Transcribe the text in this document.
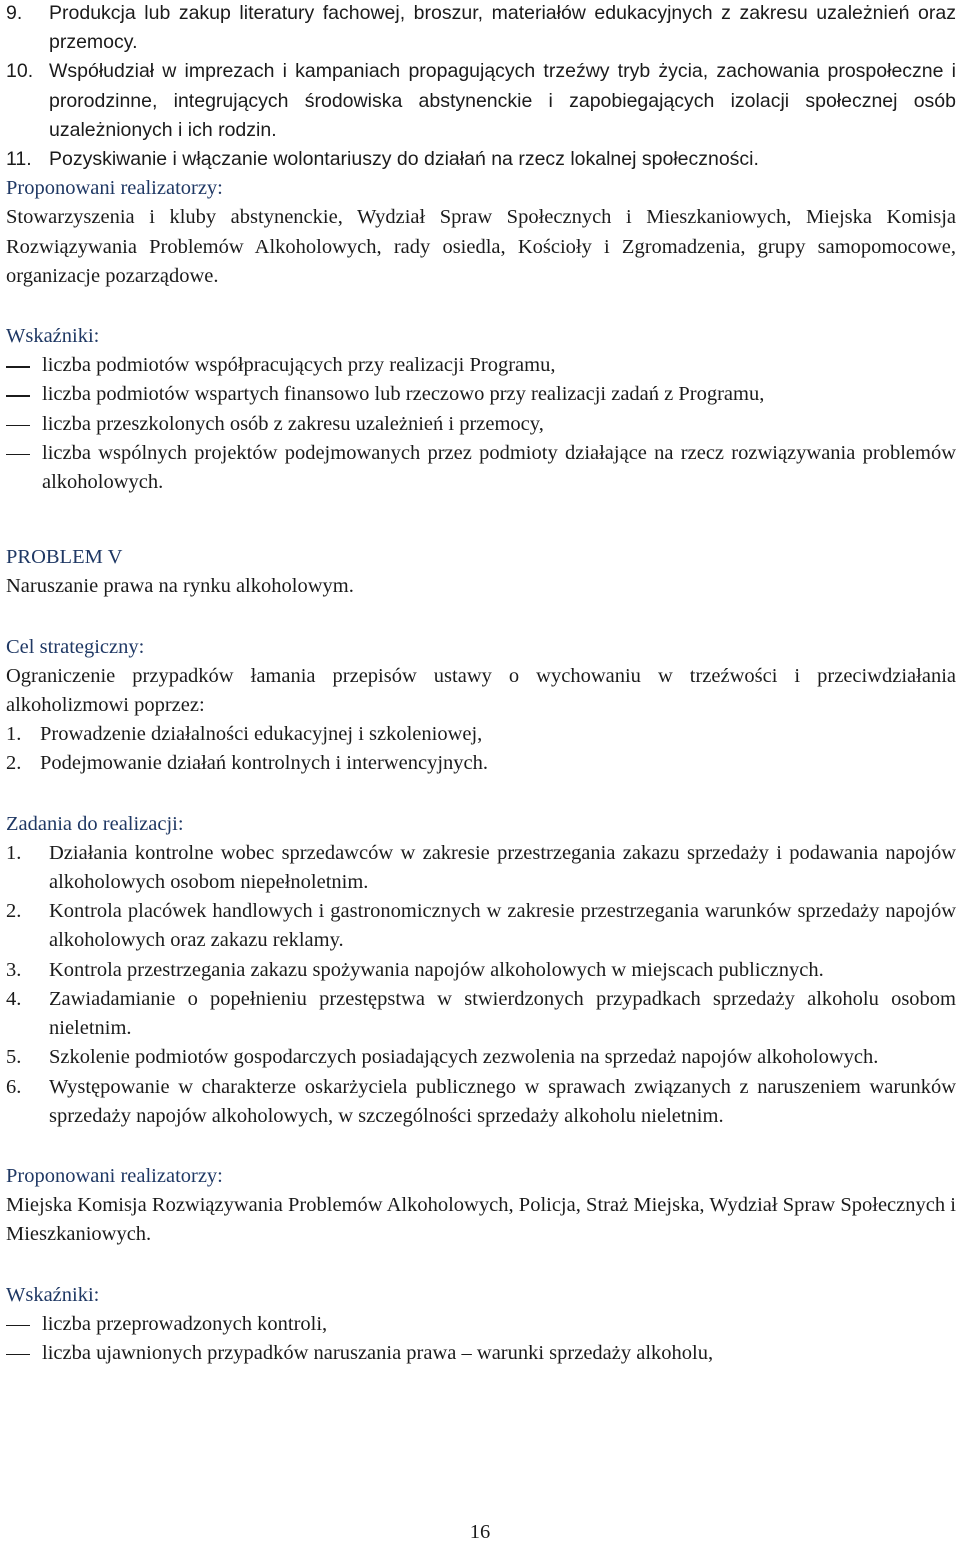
9.	Produkcja lub zakup literatury fachowej, broszur, materiałów edukacyjnych z zakresu uzależnień oraz przemocy.
10. Współudział w imprezach i kampaniach propagujących trzeźwy tryb życia, zachowania prospołeczne i prorodzinne, integrujących środowiska abstynenckie i zapobiegających izolacji społecznej osób uzależnionych i ich rodzin.
11. Pozyskiwanie i włączanie wolontariuszy do działań na rzecz lokalnej społeczności.
Proponowani realizatorzy:
Stowarzyszenia i kluby abstynenckie, Wydział Spraw Społecznych i Mieszkaniowych, Miejska Komisja Rozwiązywania Problemów Alkoholowych, rady osiedla, Kościoły i Zgromadzenia, grupy samopomocowe, organizacje pozarządowe.
Wskaźniki:
liczba podmiotów współpracujących przy realizacji Programu,
liczba podmiotów wspartych finansowo lub rzeczowo przy realizacji zadań z Programu,
liczba przeszkolonych osób z zakresu uzależnień i przemocy,
liczba wspólnych projektów podejmowanych przez podmioty działające na rzecz rozwiązywania problemów alkoholowych.
PROBLEM V
Naruszanie prawa na rynku alkoholowym.
Cel strategiczny:
Ograniczenie przypadków łamania przepisów ustawy o wychowaniu w trzeźwości i przeciwdziałania alkoholizmowi poprzez:
1. Prowadzenie działalności edukacyjnej i szkoleniowej,
2. Podejmowanie działań kontrolnych i interwencyjnych.
Zadania do realizacji:
1.	Działania kontrolne wobec sprzedawców w zakresie przestrzegania zakazu sprzedaży i podawania napojów alkoholowych osobom niepełnoletnim.
2.	Kontrola placówek handlowych i gastronomicznych w zakresie przestrzegania warunków sprzedaży napojów alkoholowych oraz zakazu reklamy.
3.	Kontrola przestrzegania zakazu spożywania napojów alkoholowych w miejscach publicznych.
4.	Zawiadamianie o popełnieniu przestępstwa w stwierdzonych przypadkach sprzedaży alkoholu osobom nieletnim.
5.	Szkolenie podmiotów gospodarczych posiadających zezwolenia na sprzedaż napojów alkoholowych.
6.	Występowanie w charakterze oskarżyciela publicznego w sprawach związanych z naruszeniem warunków sprzedaży napojów alkoholowych, w szczególności sprzedaży alkoholu nieletnim.
Proponowani realizatorzy:
Miejska Komisja Rozwiązywania Problemów Alkoholowych, Policja, Straż Miejska, Wydział Spraw Społecznych i Mieszkaniowych.
Wskaźniki:
liczba przeprowadzonych kontroli,
liczba ujawnionych przypadków naruszania prawa – warunki sprzedaży alkoholu,
16
